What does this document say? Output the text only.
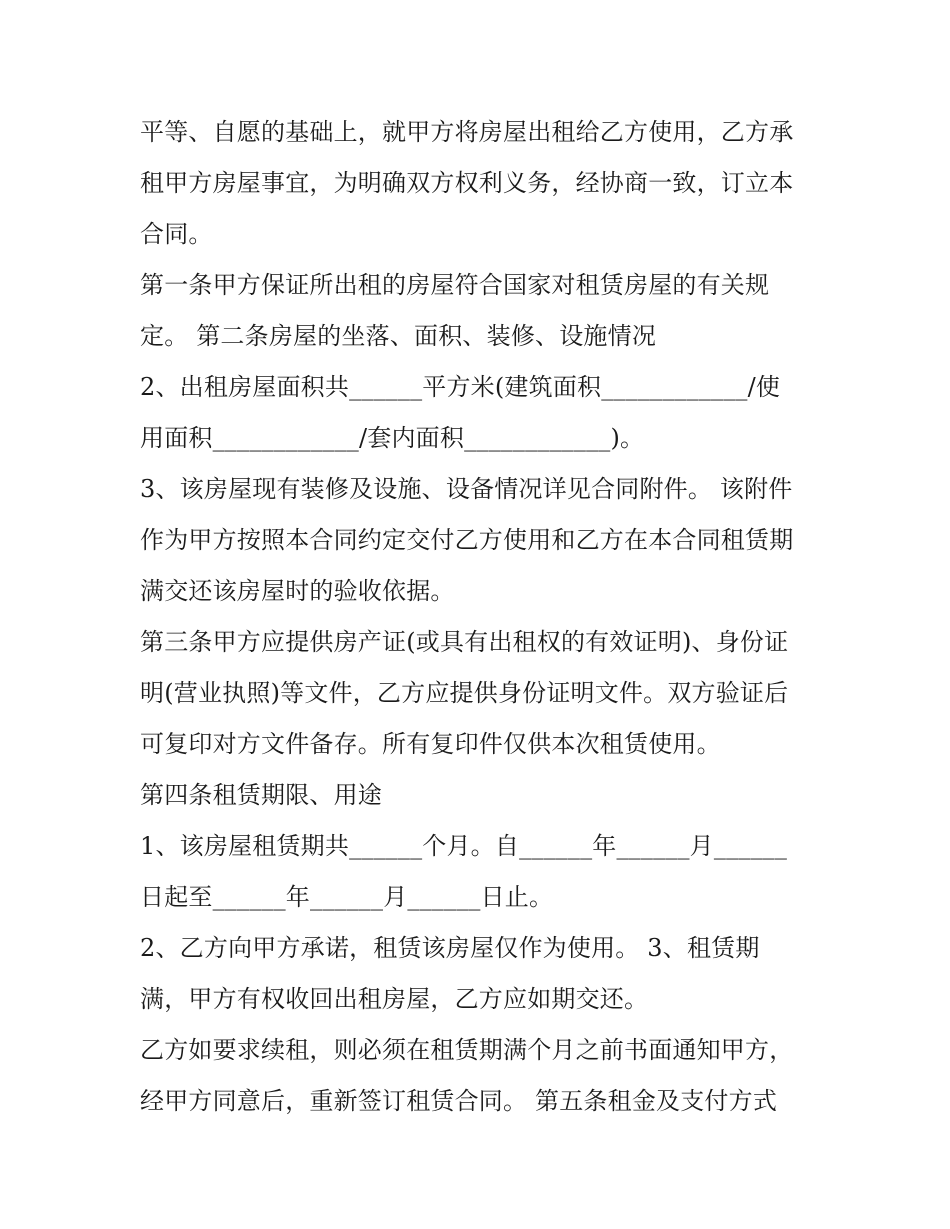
平等、自愿的基础上，就甲方将房屋出租给乙方使用，乙方承
租甲方房屋事宜，为明确双方权利义务，经协商一致，订立本
合同。
第一条甲方保证所出租的房屋符合国家对租赁房屋的有关规
定。 第二条房屋的坐落、面积、装修、设施情况
2、出租房屋面积共______平方米(建筑面积____________/使
用面积____________/套内面积____________)。
3、该房屋现有装修及设施、设备情况详见合同附件。 该附件
作为甲方按照本合同约定交付乙方使用和乙方在本合同租赁期
满交还该房屋时的验收依据。
第三条甲方应提供房产证(或具有出租权的有效证明)、身份证
明(营业执照)等文件，乙方应提供身份证明文件。双方验证后
可复印对方文件备存。所有复印件仅供本次租赁使用。
第四条租赁期限、用途
1、该房屋租赁期共______个月。自______年______月______
日起至______年______月______日止。
2、乙方向甲方承诺，租赁该房屋仅作为使用。 3、租赁期
满，甲方有权收回出租房屋，乙方应如期交还。
乙方如要求续租，则必须在租赁期满个月之前书面通知甲方，
经甲方同意后，重新签订租赁合同。 第五条租金及支付方式
